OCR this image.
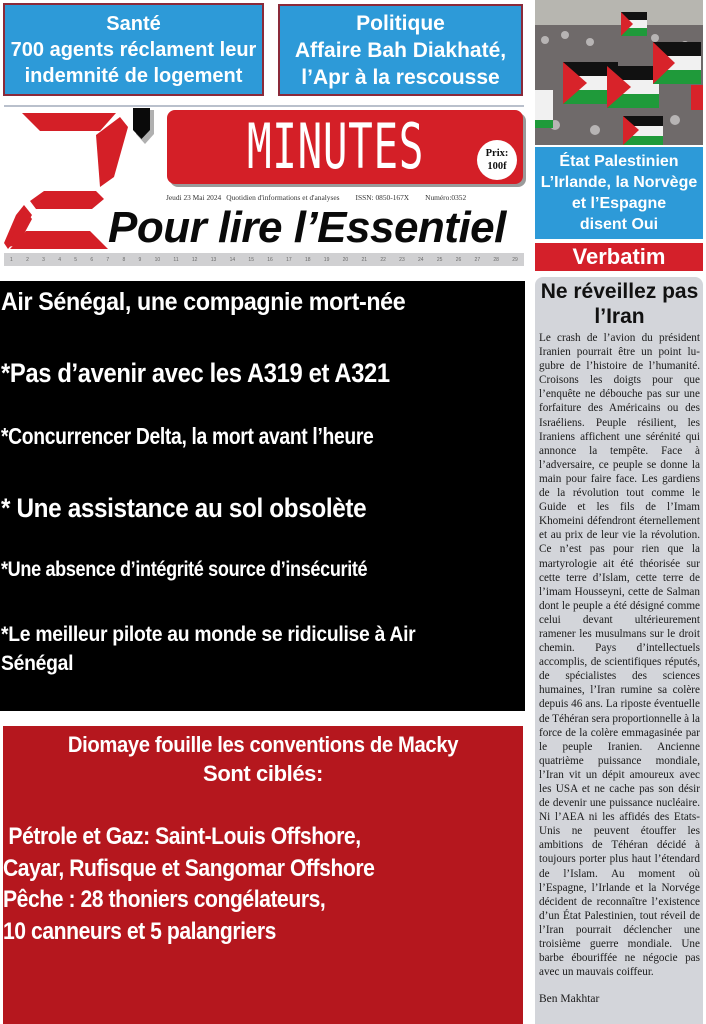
Santé
700 agents réclament leur
indemnité de logement
Politique
Affaire Bah Diakhaté,
l’Apr à la rescousse
État Palestinien
L’Irlande, la Norvège
et l’Espagne
disent Oui
Verbatim
Ne réveillez pas
l’Iran
Le crash de l’avion du président Iranien pourrait être un point lugubre de l’histoire de l’humanité. Croisons les doigts pour que l’enquête ne débouche pas sur une forfaiture des Américains ou des Israéliens. Peuple résilient, les Iraniens affichent une sérénité qui annonce la tempête. Face à l’adversaire, ce peuple se donne la main pour faire face. Les gardiens de la révolution tout comme le Guide et les fils de l’Imam Khomeini défendront éternellement et au prix de leur vie la révolution. Ce n’est pas pour rien que la martyrologie ait été théorisée sur cette terre d’Islam, cette terre de l’imam Housseyni, cette de Salman dont le peuple a été désigné comme celui devant ultérieurement ramener les musulmans sur le droit chemin. Pays d’intellectuels accomplis, de scientifiques réputés, de spécialistes des sciences humaines, l’Iran rumine sa colère depuis 46 ans. La riposte éventuelle de Téhéran sera proportionnelle à la force de la colère emmagasinée par le peuple Iranien. Ancienne quatrième puissance mondiale, l’Iran vit un dépit amoureux avec les USA et ne cache pas son désir de devenir une puissance nucléaire. Ni l’AEA ni les affidés des Etats-Unis ne peuvent étouffer les ambitions de Téhéran décidé à toujours porter plus haut l’étendard de l’Islam. Au moment où l’Espagne, l’Irlande et la Norvége décident de reconnaître l’existence d’un État Palestinien, tout réveil de l’Iran pourrait déclencher une troisième guerre mondiale. Une barbe ébouriffée ne négocie pas avec un mauvais coiffeur.
Ben Makhtar
MINUTES	Prix:
100f
Jeudi 23 Mai 2024 Quotidien d'informations et d'analyses ISSN: 0850-167X Numéro:0352
Pour lire l’Essentiel
1	2	3	4	5	6	7	8	9	10	11	12	13	14	15	16	17	18	19	20	21	22	23	24	25	26	27	28	29
Air Sénégal, une compagnie mort-née
*Pas d’avenir avec les A319 et A321
*Concurrencer Delta, la mort avant l’heure
* Une assistance au sol obsolète
*Une absence d’intégrité source d’insécurité
*Le meilleur pilote au monde se ridiculise à Air Sénégal
Diomaye fouille les conventions de Macky
Sont ciblés:
Pétrole et Gaz: Saint-Louis Offshore,
Cayar, Rufisque et Sangomar Offshore
Pêche : 28 thoniers congélateurs,
10 canneurs et 5 palangriers
